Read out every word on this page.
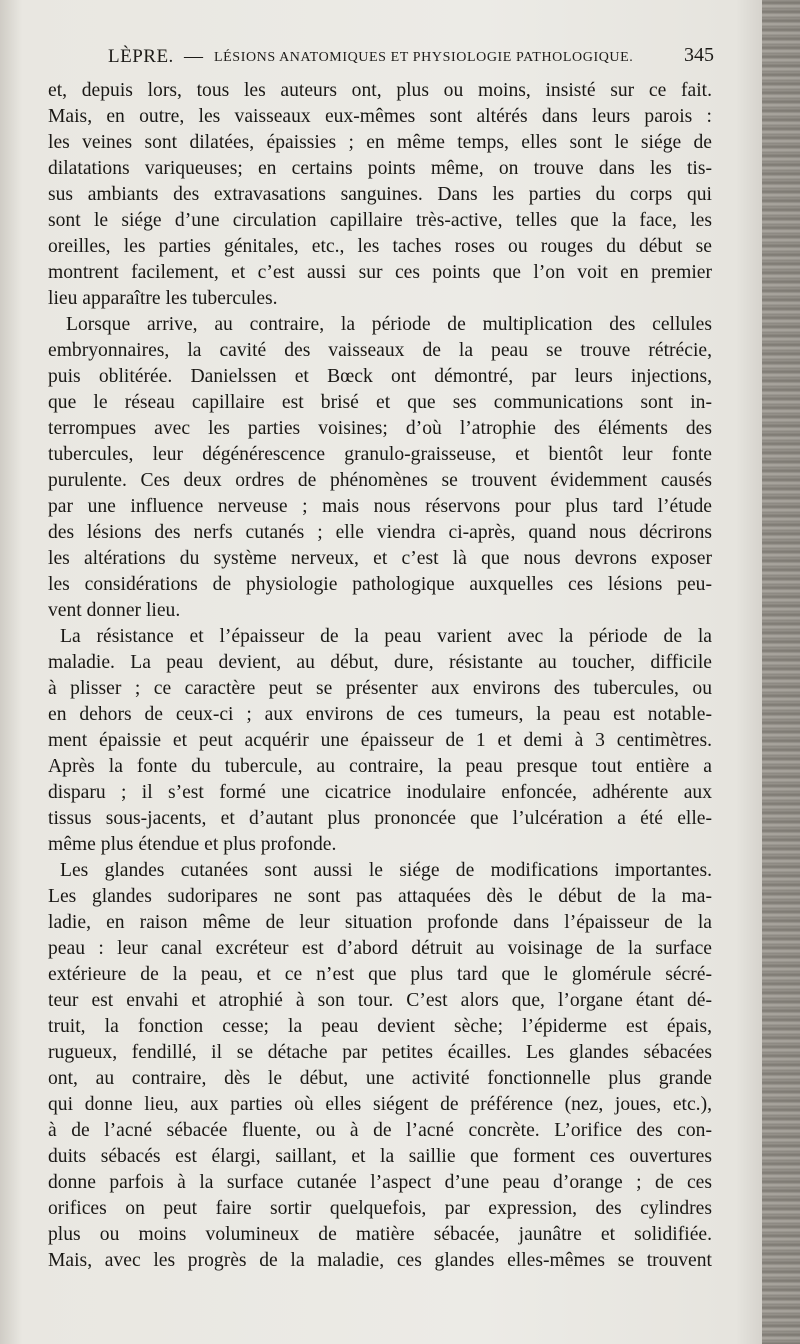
LÈPRE. — LÉSIONS ANATOMIQUES ET PHYSIOLOGIE PATHOLOGIQUE.	345
et, depuis lors, tous les auteurs ont, plus ou moins, insisté sur ce fait.
Mais, en outre, les vaisseaux eux-mêmes sont altérés dans leurs parois :
les veines sont dilatées, épaissies ; en même temps, elles sont le siége de
dilatations variqueuses; en certains points même, on trouve dans les tis-
sus ambiants des extravasations sanguines. Dans les parties du corps qui
sont le siége d’une circulation capillaire très-active, telles que la face, les
oreilles, les parties génitales, etc., les taches roses ou rouges du début se
montrent facilement, et c’est aussi sur ces points que l’on voit en premier
lieu apparaître les tubercules.
Lorsque arrive, au contraire, la période de multiplication des cellules
embryonnaires, la cavité des vaisseaux de la peau se trouve rétrécie,
puis oblitérée. Danielssen et Bœck ont démontré, par leurs injections,
que le réseau capillaire est brisé et que ses communications sont in-
terrompues avec les parties voisines; d’où l’atrophie des éléments des
tubercules, leur dégénérescence granulo-graisseuse, et bientôt leur fonte
purulente. Ces deux ordres de phénomènes se trouvent évidemment causés
par une influence nerveuse ; mais nous réservons pour plus tard l’étude
des lésions des nerfs cutanés ; elle viendra ci-après, quand nous décrirons
les altérations du système nerveux, et c’est là que nous devrons exposer
les considérations de physiologie pathologique auxquelles ces lésions peu-
vent donner lieu.
La résistance et l’épaisseur de la peau varient avec la période de la
maladie. La peau devient, au début, dure, résistante au toucher, difficile
à plisser ; ce caractère peut se présenter aux environs des tubercules, ou
en dehors de ceux-ci ; aux environs de ces tumeurs, la peau est notable-
ment épaissie et peut acquérir une épaisseur de 1 et demi à 3 centimètres.
Après la fonte du tubercule, au contraire, la peau presque tout entière a
disparu ; il s’est formé une cicatrice inodulaire enfoncée, adhérente aux
tissus sous-jacents, et d’autant plus prononcée que l’ulcération a été elle-
même plus étendue et plus profonde.
Les glandes cutanées sont aussi le siége de modifications importantes.
Les glandes sudoripares ne sont pas attaquées dès le début de la ma-
ladie, en raison même de leur situation profonde dans l’épaisseur de la
peau : leur canal excréteur est d’abord détruit au voisinage de la surface
extérieure de la peau, et ce n’est que plus tard que le glomérule sécré-
teur est envahi et atrophié à son tour. C’est alors que, l’organe étant dé-
truit, la fonction cesse; la peau devient sèche; l’épiderme est épais,
rugueux, fendillé, il se détache par petites écailles. Les glandes sébacées
ont, au contraire, dès le début, une activité fonctionnelle plus grande
qui donne lieu, aux parties où elles siégent de préférence (nez, joues, etc.),
à de l’acné sébacée fluente, ou à de l’acné concrète. L’orifice des con-
duits sébacés est élargi, saillant, et la saillie que forment ces ouvertures
donne parfois à la surface cutanée l’aspect d’une peau d’orange ; de ces
orifices on peut faire sortir quelquefois, par expression, des cylindres
plus ou moins volumineux de matière sébacée, jaunâtre et solidifiée.
Mais, avec les progrès de la maladie, ces glandes elles-mêmes se trouvent
